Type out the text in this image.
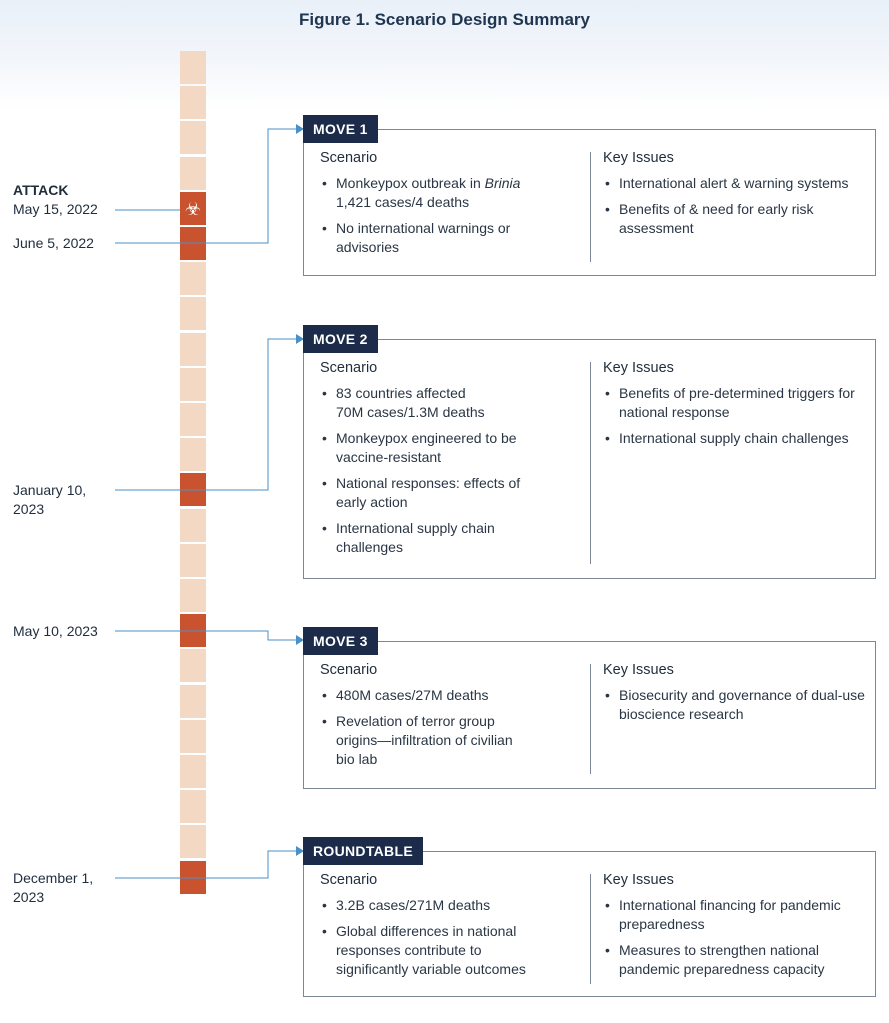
Figure 1. Scenario Design Summary
☣
ATTACK
May 15, 2022
June 5, 2022
January 10,
2023
May 10, 2023
December 1,
2023
Scenario
• Monkeypox outbreak in Brinia
1,421 cases/4 deaths
• No international warnings or
advisories
Key Issues
• International alert & warning systems
• Benefits of & need for early risk assessment
MOVE 1
Scenario
• 83 countries affected
70M cases/1.3M deaths
• Monkeypox engineered to be
vaccine-resistant
• National responses: effects of
early action
• International supply chain
challenges
Key Issues
• Benefits of pre-determined triggers for national response
• International supply chain challenges
MOVE 2
Scenario
• 480M cases/27M deaths
• Revelation of terror group
origins—infiltration of civilian
bio lab
Key Issues
• Biosecurity and governance of dual-use bioscience research
MOVE 3
Scenario
• 3.2B cases/271M deaths
• Global differences in national
responses contribute to
significantly variable outcomes
Key Issues
• International financing for pandemic preparedness
• Measures to strengthen national pandemic preparedness capacity
ROUNDTABLE
